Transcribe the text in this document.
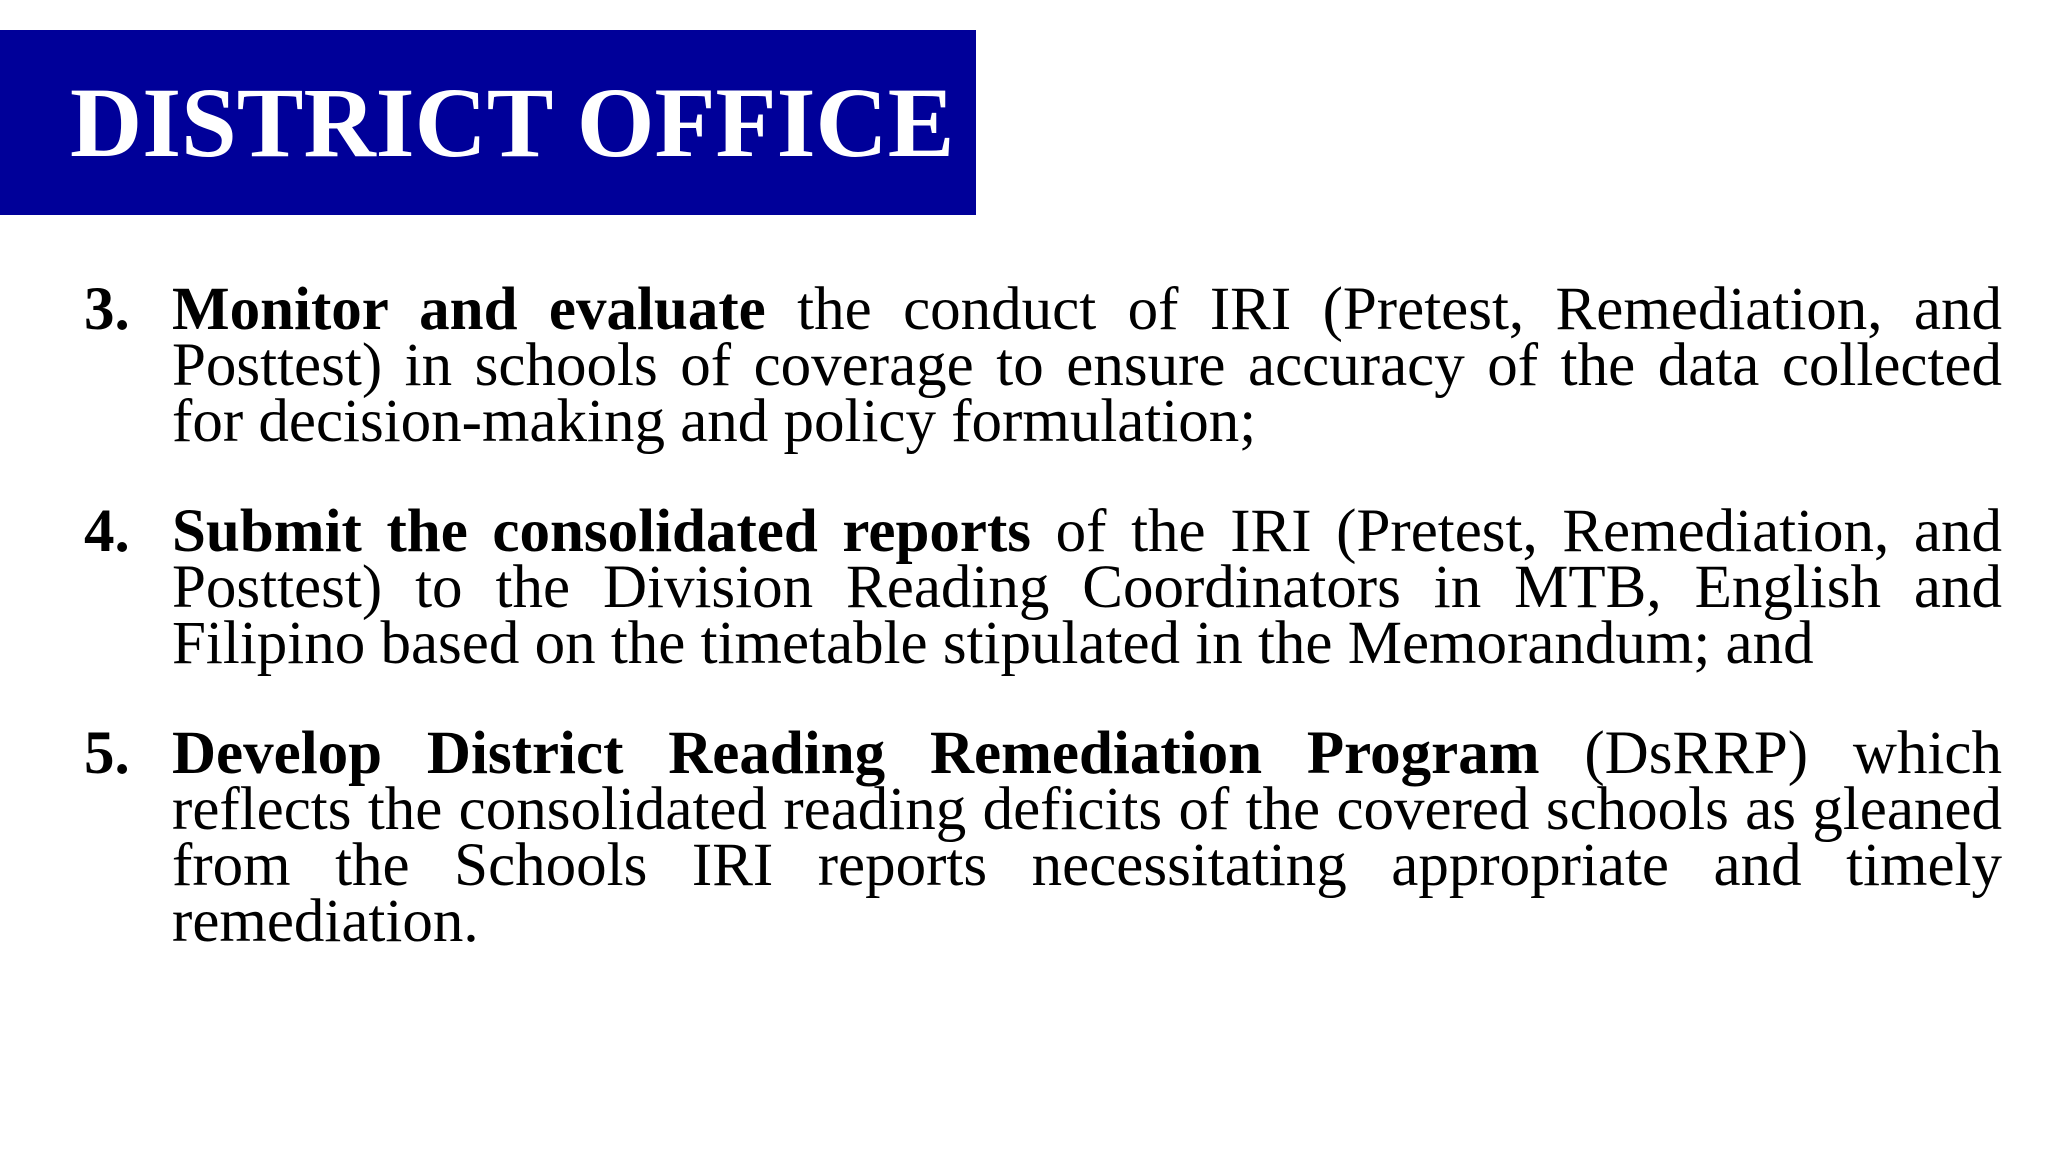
DISTRICT OFFICE
3. Monitor and evaluate the conduct of IRI (Pretest, Remediation, and Posttest) in schools of coverage to ensure accuracy of the data collected for decision-making and policy formulation;
4. Submit the consolidated reports of the IRI (Pretest, Remediation, and Posttest) to the Division Reading Coordinators in MTB, English and Filipino based on the timetable stipulated in the Memorandum; and
5. Develop District Reading Remediation Program (DsRRP) which reflects the consolidated reading deficits of the covered schools as gleaned from the Schools IRI reports necessitating appropriate and timely remediation.
